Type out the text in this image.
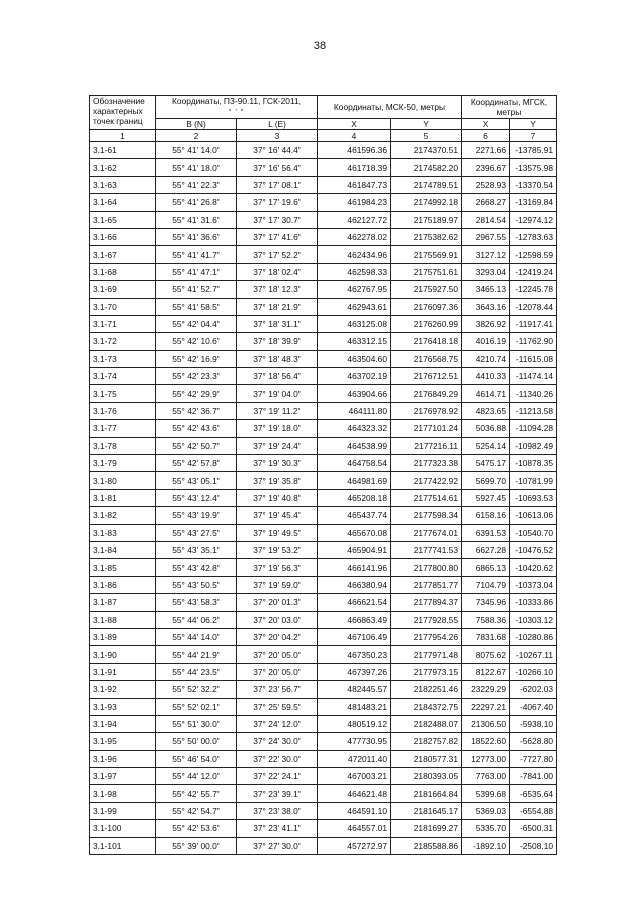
38
Обозначение характерных точек границ	Координаты, ПЗ-90.11, ГСК-2011,
° ' "		Координаты, МСК-50, метры		Координаты, МГСК, метры	
	B (N)	L (E)	X	Y	X	Y
1	2	3	4	5	6	7
3.1-61	55° 41' 14.0"	37° 16' 44.4"	461596.36	2174370.51	2271.66	-13785.91
3.1-62	55° 41' 18.0"	37° 16' 56.4"	461718.39	2174582.20	2396.67	-13575.98
3.1-63	55° 41' 22.3"	37° 17' 08.1"	461847.73	2174789.51	2528.93	-13370.54
3.1-64	55° 41' 26.8"	37° 17' 19.6"	461984.23	2174992.18	2668.27	-13169.84
3.1-65	55° 41' 31.6"	37° 17' 30.7"	462127.72	2175189.97	2814.54	-12974.12
3.1-66	55° 41' 36.6"	37° 17' 41.6"	462278.02	2175382.62	2967.55	-12783.63
3.1-67	55° 41' 41.7"	37° 17' 52.2"	462434.96	2175569.91	3127.12	-12598.59
3.1-68	55° 41' 47.1"	37° 18' 02.4"	462598.33	2175751.61	3293.04	-12419.24
3.1-69	55° 41' 52.7"	37° 18' 12.3"	462767.95	2175927.50	3465.13	-12245.78
3.1-70	55° 41' 58.5"	37° 18' 21.9"	462943.61	2176097.36	3643.16	-12078.44
3.1-71	55° 42' 04.4"	37° 18' 31.1"	463125.08	2176260.99	3826.92	-11917.41
3.1-72	55° 42' 10.6"	37° 18' 39.9"	463312.15	2176418.18	4016.19	-11762.90
3.1-73	55° 42' 16.9"	37° 18' 48.3"	463504.60	2176568.75	4210.74	-11615.08
3.1-74	55° 42' 23.3"	37° 18' 56.4"	463702.19	2176712.51	4410.33	-11474.14
3.1-75	55° 42' 29.9"	37° 19' 04.0"	463904.66	2176849.29	4614.71	-11340.26
3.1-76	55° 42' 36.7"	37° 19' 11.2"	464111.80	2176978.92	4823.65	-11213.58
3.1-77	55° 42' 43.6"	37° 19' 18.0"	464323.32	2177101.24	5036.88	-11094.28
3.1-78	55° 42' 50.7"	37° 19' 24.4"	464538.99	2177216.11	5254.14	-10982.49
3.1-79	55° 42' 57.8"	37° 19' 30.3"	464758.54	2177323.38	5475.17	-10878.35
3.1-80	55° 43' 05.1"	37° 19' 35.8"	464981.69	2177422.92	5699.70	-10781.99
3.1-81	55° 43' 12.4"	37° 19' 40.8"	465208.18	2177514.61	5927.45	-10693.53
3.1-82	55° 43' 19.9"	37° 19' 45.4"	465437.74	2177598.34	6158.16	-10613.06
3.1-83	55° 43' 27.5"	37° 19' 49.5"	465670.08	2177674.01	6391.53	-10540.70
3.1-84	55° 43' 35.1"	37° 19' 53.2"	465904.91	2177741.53	6627.28	-10476.52
3.1-85	55° 43' 42.8"	37° 19' 56.3"	466141.96	2177800.80	6865.13	-10420.62
3.1-86	55° 43' 50.5"	37° 19' 59.0"	466380.94	2177851.77	7104.79	-10373.04
3.1-87	55° 43' 58.3"	37° 20' 01.3"	466621.54	2177894.37	7345.96	-10333.86
3.1-88	55° 44' 06.2"	37° 20' 03.0"	466863.49	2177928.55	7588.36	-10303.12
3.1-89	55° 44' 14.0"	37° 20' 04.2"	467106.49	2177954.26	7831.68	-10280.86
3.1-90	55° 44' 21.9"	37° 20' 05.0"	467350.23	2177971.48	8075.62	-10267.11
3.1-91	55° 44' 23.5"	37° 20' 05.0"	467397.26	2177973.15	8122.67	-10266.10
3.1-92	55° 52' 32.2"	37° 23' 56.7"	482445.57	2182251.46	23229.29	-6202.03
3.1-93	55° 52' 02.1"	37° 25' 59.5"	481483.21	2184372.75	22297.21	-4067.40
3.1-94	55° 51' 30.0"	37° 24' 12.0"	480519.12	2182488.07	21306.50	-5938.10
3.1-95	55° 50' 00.0"	37° 24' 30.0"	477730.95	2182757.82	18522.60	-5628.80
3.1-96	55° 46' 54.0"	37° 22' 30.0"	472011.40	2180577.31	12773.00	-7727.80
3.1-97	55° 44' 12.0"	37° 22' 24.1"	467003.21	2180393.05	7763.00	-7841.00
3.1-98	55° 42' 55.7"	37° 23' 39.1"	464621.48	2181664.84	5399.68	-6535.64
3.1-99	55° 42' 54.7"	37° 23' 38.0"	464591.10	2181645.17	5369.03	-6554.88
3.1-100	55° 42' 53.6"	37° 23' 41.1"	464557.01	2181699.27	5335.70	-6500.31
3.1-101	55° 39' 00.0"	37° 27' 30.0"	457272.97	2185588.86	-1892.10	-2508.10
